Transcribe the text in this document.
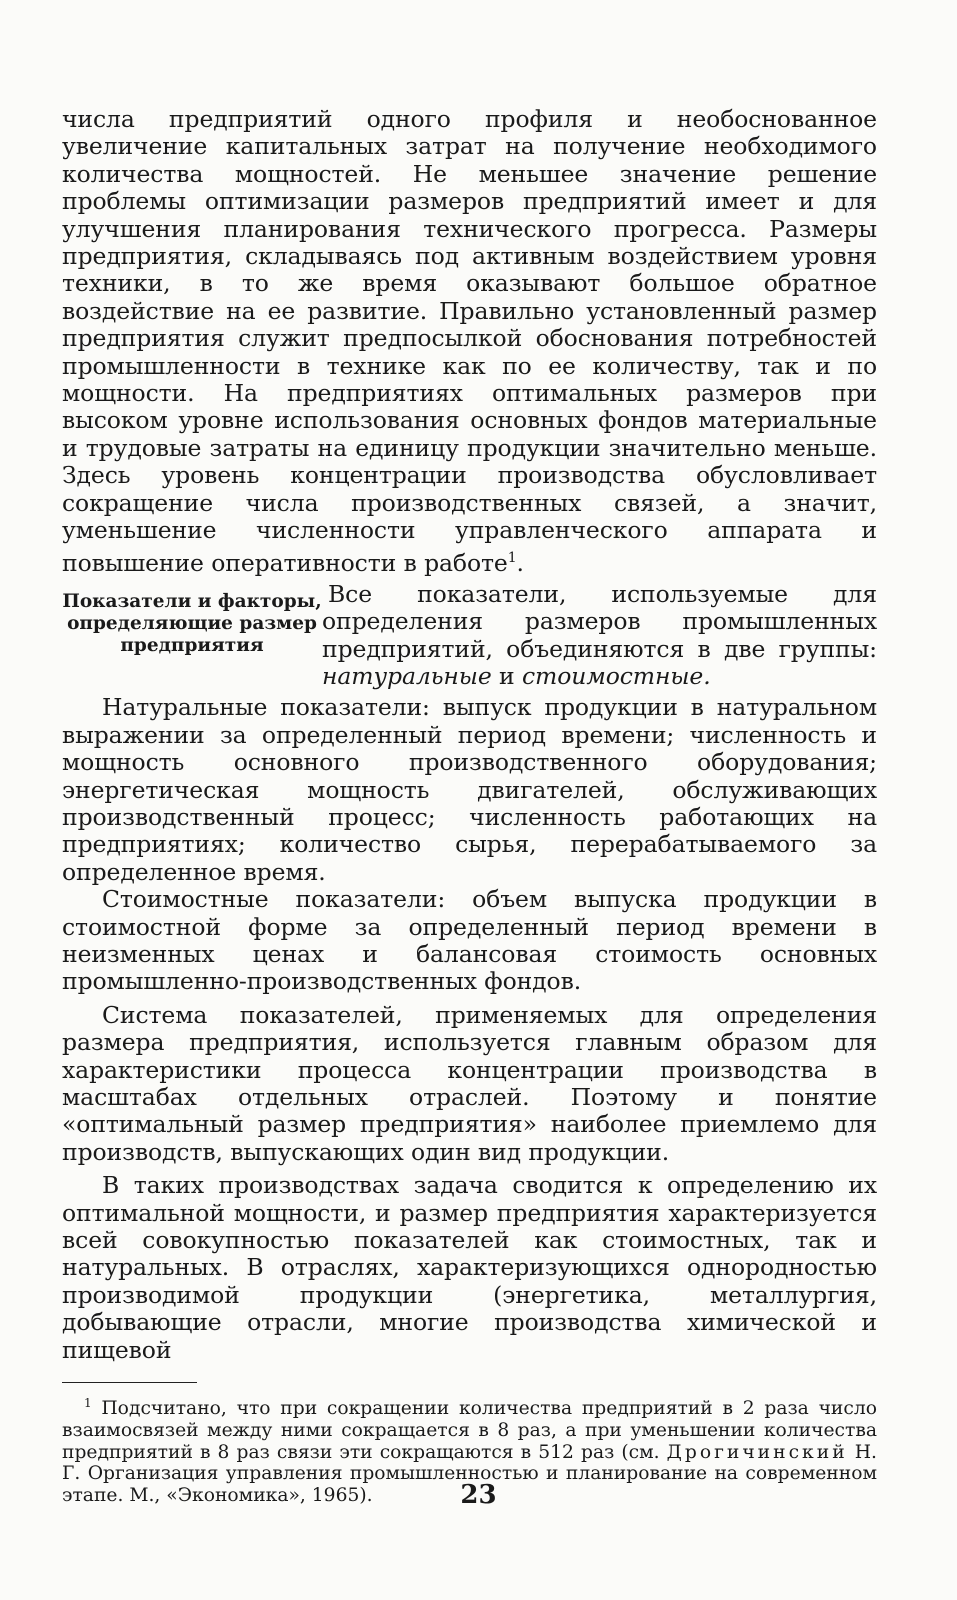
числа предприятий одного профиля и необоснованное увеличение капитальных затрат на получение необходимого количества мощностей. Не меньшее значение решение проблемы оптимизации размеров предприятий имеет и для улучшения планирования технического прогресса. Размеры предприятия, складываясь под активным воздействием уровня техники, в то же время оказывают большое обратное воздействие на ее развитие. Правильно установленный размер предприятия служит предпосылкой обоснования потребностей промышленности в технике как по ее количеству, так и по мощности. На предприятиях оптимальных размеров при высоком уровне использования основных фондов материальные и трудовые затраты на единицу продукции значительно меньше. Здесь уровень концентрации производства обусловливает сокращение числа производственных связей, а значит, уменьшение численности управленческого аппарата и повышение оперативности в работе$^1$.

Показатели и факторы, определяющие размер предприятия

Все показатели, используемые для определения размеров промышленных предприятий, объединяются в две группы: натуральные и стоимостные.

Натуральные показатели: выпуск продукции в натуральном выражении за определенный период времени; численность и мощность основного производственного оборудования; энергетическая мощность двигателей, обслуживающих производственный процесс; численность работающих на предприятиях; количество сырья, перерабатываемого за определенное время.

Стоимостные показатели: объем выпуска продукции в стоимостной форме за определенный период времени в неизменных ценах и балансовая стоимость основных промышленно-производственных фондов.

Система показателей, применяемых для определения размера предприятия, используется главным образом для характеристики процесса концентрации производства в масштабах отдельных отраслей. Поэтому и понятие «оптимальный размер предприятия» наиболее приемлемо для производств, выпускающих один вид продукции.

В таких производствах задача сводится к определению их оптимальной мощности, и размер предприятия характеризуется всей совокупностью показателей как стоимостных, так и натуральных. В отраслях, характеризующихся однородностью производимой продукции (энергетика, металлургия, добывающие отрасли, многие производства химической и пищевой

$^1$ Подсчитано, что при сокращении количества предприятий в 2 раза число взаимосвязей между ними сокращается в 8 раз, а при уменьшении количества предприятий в 8 раз связи эти сокращаются в 512 раз (см. Дрогичинский Н. Г. Организация управления промышленностью и планирование на современном этапе. М., «Экономика», 1965).	23
